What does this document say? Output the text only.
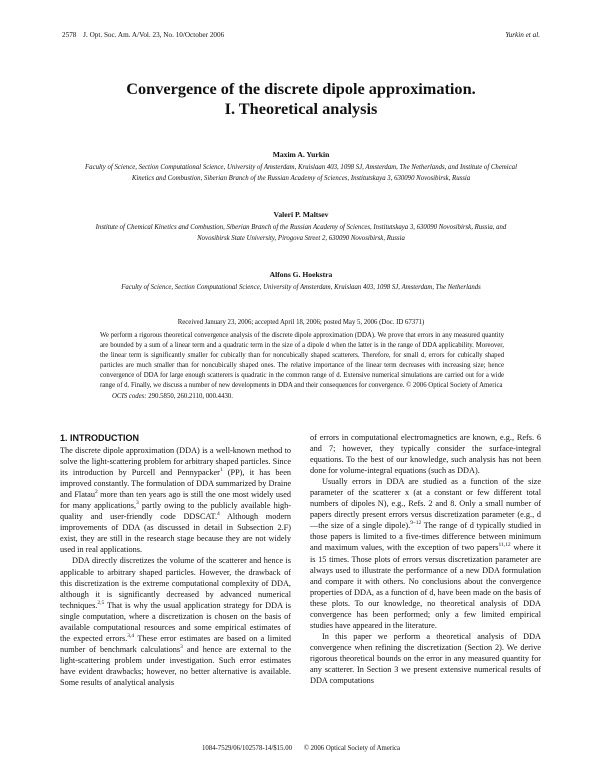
2578 J. Opt. Soc. Am. A/Vol. 23, No. 10/October 2006	Yurkin et al.
Convergence of the discrete dipole approximation.
I. Theoretical analysis
Maxim A. Yurkin
Faculty of Science, Section Computational Science, University of Amsterdam, Kruislaan 403, 1098 SJ, Amsterdam, The Netherlands, and Institute of Chemical Kinetics and Combustion, Siberian Branch of the Russian Academy of Sciences, Institutskaya 3, 630090 Novosibirsk, Russia
Valeri P. Maltsev
Institute of Chemical Kinetics and Combustion, Siberian Branch of the Russian Academy of Sciences, Institutskaya 3, 630090 Novosibirsk, Russia, and Novosibirsk State University, Pirogova Street 2, 630090 Novosibirsk, Russia
Alfons G. Hoekstra
Faculty of Science, Section Computational Science, University of Amsterdam, Kruislaan 403, 1098 SJ, Amsterdam, The Netherlands
Received January 23, 2006; accepted April 18, 2006; posted May 5, 2006 (Doc. ID 67371)
We perform a rigorous theoretical convergence analysis of the discrete dipole approximation (DDA). We prove that errors in any measured quantity are bounded by a sum of a linear term and a quadratic term in the size of a dipole d when the latter is in the range of DDA applicability. Moreover, the linear term is significantly smaller for cubically than for noncubically shaped scatterers. Therefore, for small d, errors for cubically shaped particles are much smaller than for noncubically shaped ones. The relative importance of the linear term decreases with increasing size; hence convergence of DDA for large enough scatterers is quadratic in the common range of d. Extensive numerical simulations are carried out for a wide range of d. Finally, we discuss a number of new developments in DDA and their consequences for convergence. © 2006 Optical Society of America
OCIS codes: 290.5850, 260.2110, 000.4430.
1. INTRODUCTION

The discrete dipole approximation (DDA) is a well-known method to solve the light-scattering problem for arbitrary shaped particles. Since its introduction by Purcell and Pennypacker$^1$ (PP), it has been improved constantly. The formulation of DDA summarized by Draine and Flatau$^2$ more than ten years ago is still the one most widely used for many applications,$^3$ partly owing to the publicly available high-quality and user-friendly code DDSCAT.$^4$ Although modern improvements of DDA (as discussed in detail in Subsection 2.F) exist, they are still in the research stage because they are not widely used in real applications.

DDA directly discretizes the volume of the scatterer and hence is applicable to arbitrary shaped particles. However, the drawback of this discretization is the extreme computational complexity of DDA, although it is significantly decreased by advanced numerical techniques.$^{2,5}$ That is why the usual application strategy for DDA is single computation, where a discretization is chosen on the basis of available computational resources and some empirical estimates of the expected errors.$^{3,4}$ These error estimates are based on a limited number of benchmark calculations$^3$ and hence are external to the light-scattering problem under investigation. Such error estimates have evident drawbacks; however, no better alternative is available. Some results of analytical analysis

of errors in computational electromagnetics are known, e.g., Refs. 6 and 7; however, they typically consider the surface-integral equations. To the best of our knowledge, such analysis has not been done for volume-integral equations (such as DDA).

Usually errors in DDA are studied as a function of the size parameter of the scatterer x (at a constant or few different total numbers of dipoles N), e.g., Refs. 2 and 8. Only a small number of papers directly present errors versus discretization parameter (e.g., d—the size of a single dipole).$^{9-12}$ The range of d typically studied in those papers is limited to a five-times difference between minimum and maximum values, with the exception of two papers$^{11,12}$ where it is 15 times. Those plots of errors versus discretization parameter are always used to illustrate the performance of a new DDA formulation and compare it with others. No conclusions about the convergence properties of DDA, as a function of d, have been made on the basis of these plots. To our knowledge, no theoretical analysis of DDA convergence has been performed; only a few limited empirical studies have appeared in the literature.

In this paper we perform a theoretical analysis of DDA convergence when refining the discretization (Section 2). We derive rigorous theoretical bounds on the error in any measured quantity for any scatterer. In Section 3 we present extensive numerical results of DDA computations

1084-7529/06/102578-14/$15.00 © 2006 Optical Society of America
